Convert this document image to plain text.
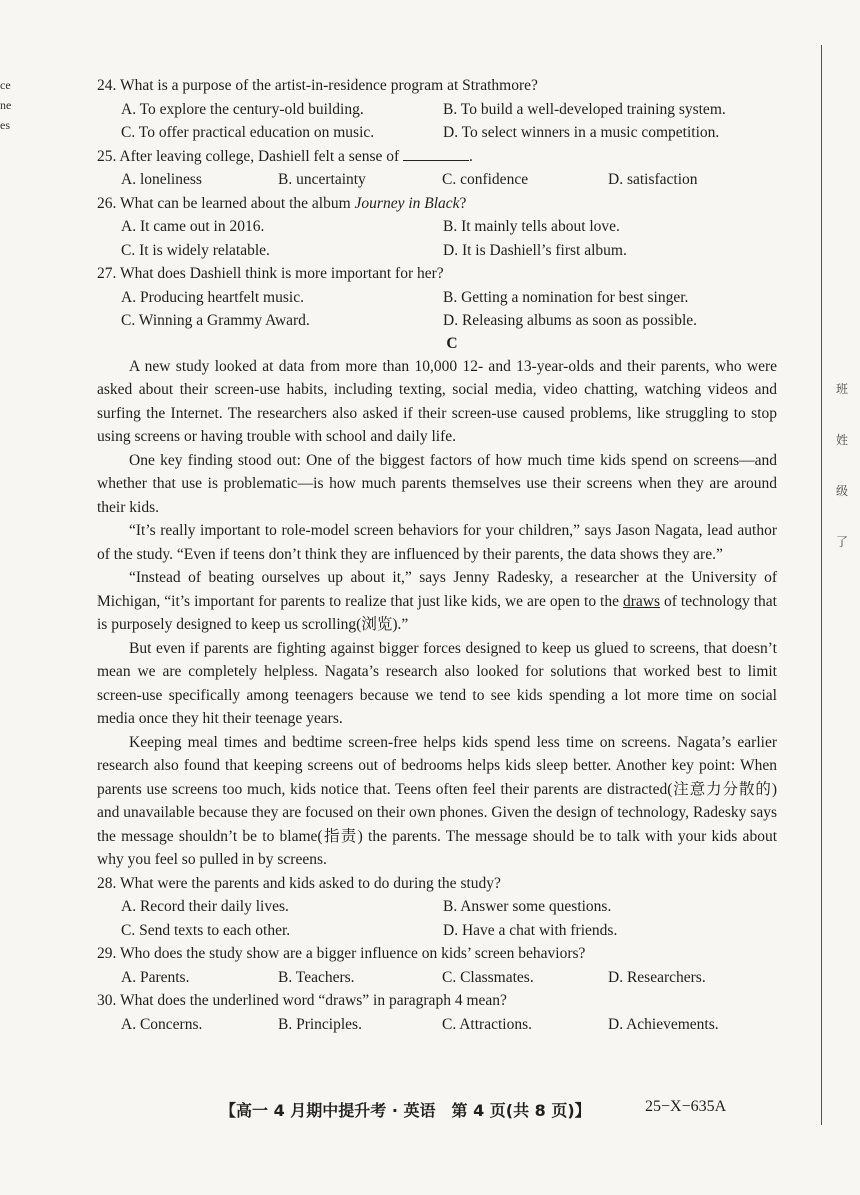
ce
ne
es
班
姓
级
了

24. What is a purpose of the artist-in-residence program at Strathmore?

A. To explore the century-old building.	B. To build a well-developed training system.
C. To offer practical education on music.	D. To select winners in a music competition.

25. After leaving college, Dashiell felt a sense of	.

A. loneliness	B. uncertainty	C. confidence	D. satisfaction

26. What can be learned about the album Journey in Black?

A. It came out in 2016.	B. It mainly tells about love.
C. It is widely relatable.	D. It is Dashiell’s first album.

27. What does Dashiell think is more important for her?

A. Producing heartfelt music.	B. Getting a nomination for best singer.
C. Winning a Grammy Award.	D. Releasing albums as soon as possible.
C

A new study looked at data from more than 10,000 12- and 13-year-olds and their parents, who were asked about their screen-use habits, including texting, social media, video chatting, watching videos and surfing the Internet. The researchers also asked if their screen-use caused problems, like struggling to stop using screens or having trouble with school and daily life.

One key finding stood out: One of the biggest factors of how much time kids spend on screens—and whether that use is problematic—is how much parents themselves use their screens when they are around their kids.

“It’s really important to role-model screen behaviors for your children,” says Jason Nagata, lead author of the study. “Even if teens don’t think they are influenced by their parents, the data shows they are.”

“Instead of beating ourselves up about it,” says Jenny Radesky, a researcher at the University of Michigan, “it’s important for parents to realize that just like kids, we are open to the draws of technology that is purposely designed to keep us scrolling(浏览).”

But even if parents are fighting against bigger forces designed to keep us glued to screens, that doesn’t mean we are completely helpless. Nagata’s research also looked for solutions that worked best to limit screen-use specifically among teenagers because we tend to see kids spending a lot more time on social media once they hit their teenage years.

Keeping meal times and bedtime screen-free helps kids spend less time on screens. Nagata’s earlier research also found that keeping screens out of bedrooms helps kids sleep better. Another key point: When parents use screens too much, kids notice that. Teens often feel their parents are distracted(注意力分散的) and unavailable because they are focused on their own phones. Given the design of technology, Radesky says the message shouldn’t be to blame(指责) the parents. The message should be to talk with your kids about why you feel so pulled in by screens.

28. What were the parents and kids asked to do during the study?

A. Record their daily lives.	B. Answer some questions.
C. Send texts to each other.	D. Have a chat with friends.

29. Who does the study show are a bigger influence on kids’ screen behaviors?

A. Parents.	B. Teachers.	C. Classmates.	D. Researchers.

30. What does the underlined word “draws” in paragraph 4 mean?

A. Concerns.	B. Principles.	C. Attractions.	D. Achievements.
【高一 4 月期中提升考 · 英语　第 4 页(共 8 页)】	25−X−635A
